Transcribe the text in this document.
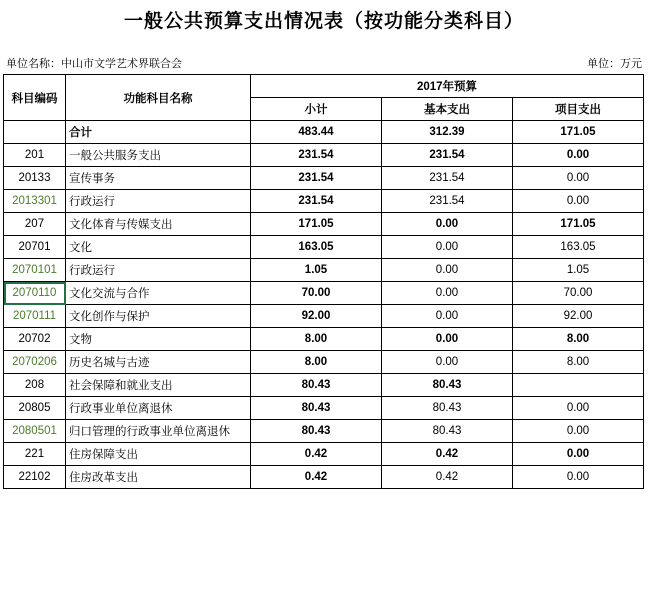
一般公共预算支出情况表（按功能分类科目）
单位名称：中山市文学艺术界联合会	单位：万元
科目编码	功能科目名称	2017年预算		
		小计	基本支出	项目支出
	合计	483.44	312.39	171.05
201	一般公共服务支出	231.54	231.54	0.00
20133	宣传事务	231.54	231.54	0.00
2013301	行政运行	231.54	231.54	0.00
207	文化体育与传媒支出	171.05	0.00	171.05
20701	文化	163.05	0.00	163.05
2070101	行政运行	1.05	0.00	1.05
2070110	文化交流与合作	70.00	0.00	70.00
2070111	文化创作与保护	92.00	0.00	92.00
20702	文物	8.00	0.00	8.00
2070206	历史名城与古迹	8.00	0.00	8.00
208	社会保障和就业支出	80.43	80.43	
20805	行政事业单位离退休	80.43	80.43	0.00
2080501	归口管理的行政事业单位离退休	80.43	80.43	0.00
221	住房保障支出	0.42	0.42	0.00
22102	住房改革支出	0.42	0.42	0.00
